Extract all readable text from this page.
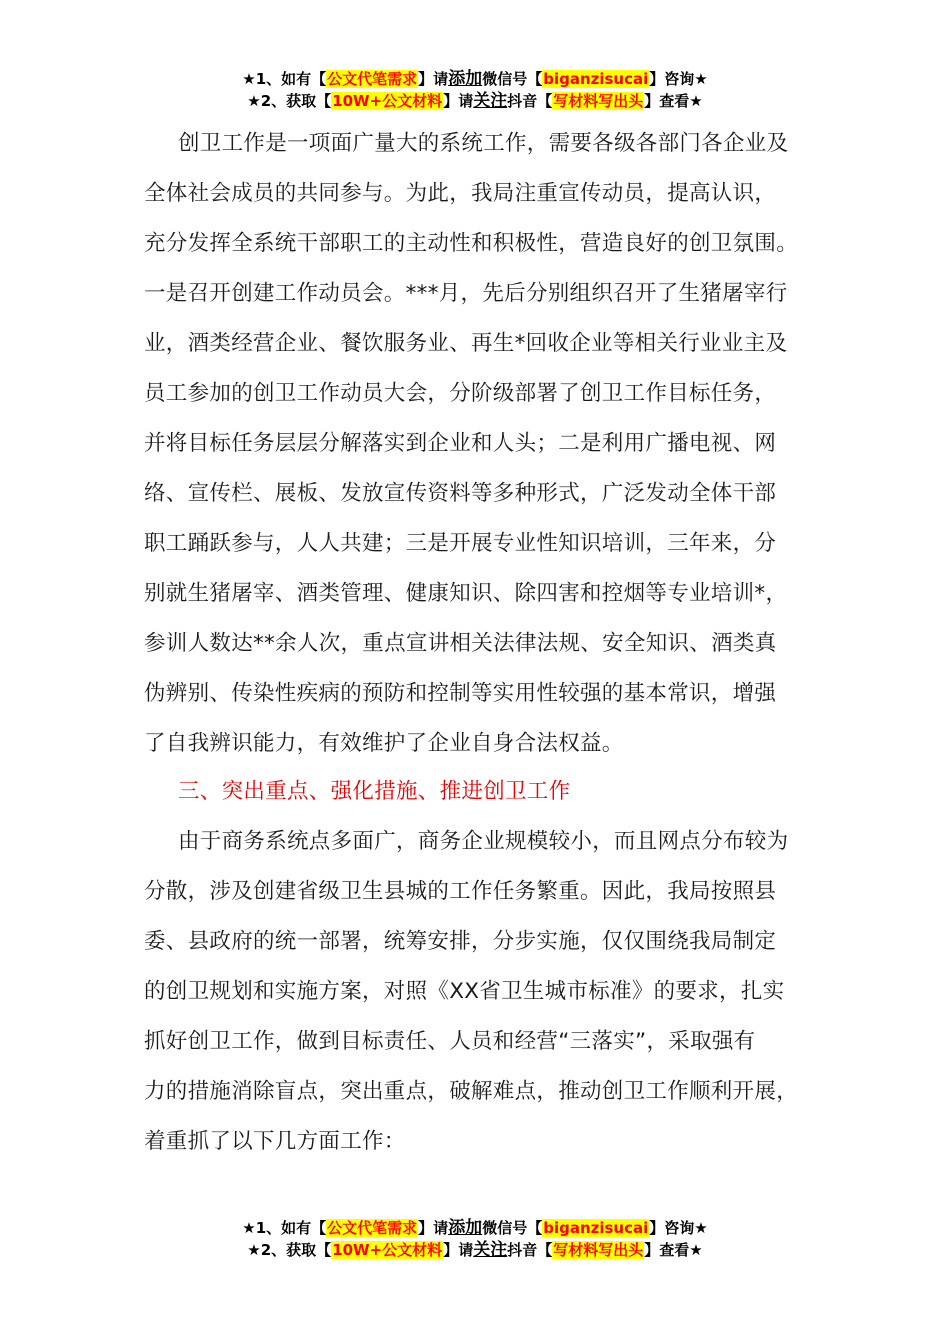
★1、如有【公文代笔需求】请添加微信号【biganzisucai】咨询★
★2、获取【10W+公文材料】请关注抖音【写材料写出头】查看★
创卫工作是一项面广量大的系统工作，需要各级各部门各企业及
全体社会成员的共同参与。为此，我局注重宣传动员，提高认识，
充分发挥全系统干部职工的主动性和积极性，营造良好的创卫氛围。
一是召开创建工作动员会。***月，先后分别组织召开了生猪屠宰行
业，酒类经营企业、餐饮服务业、再生*回收企业等相关行业业主及
员工参加的创卫工作动员大会，分阶级部署了创卫工作目标任务，
并将目标任务层层分解落实到企业和人头；二是利用广播电视、网
络、宣传栏、展板、发放宣传资料等多种形式，广泛发动全体干部
职工踊跃参与，人人共建；三是开展专业性知识培训，三年来，分
别就生猪屠宰、酒类管理、健康知识、除四害和控烟等专业培训*，
参训人数达**余人次，重点宣讲相关法律法规、安全知识、酒类真
伪辨别、传染性疾病的预防和控制等实用性较强的基本常识，增强
了自我辨识能力，有效维护了企业自身合法权益。
三、突出重点、强化措施、推进创卫工作
由于商务系统点多面广，商务企业规模较小，而且网点分布较为
分散，涉及创建省级卫生县城的工作任务繁重。因此，我局按照县
委、县政府的统一部署，统筹安排，分步实施，仅仅围绕我局制定
的创卫规划和实施方案，对照《XX省卫生城市标准》的要求，扎实
抓好创卫工作，做到目标责任、人员和经营“三落实”，采取强有
力的措施消除盲点，突出重点，破解难点，推动创卫工作顺利开展，
着重抓了以下几方面工作：
★1、如有【公文代笔需求】请添加微信号【biganzisucai】咨询★
★2、获取【10W+公文材料】请关注抖音【写材料写出头】查看★
